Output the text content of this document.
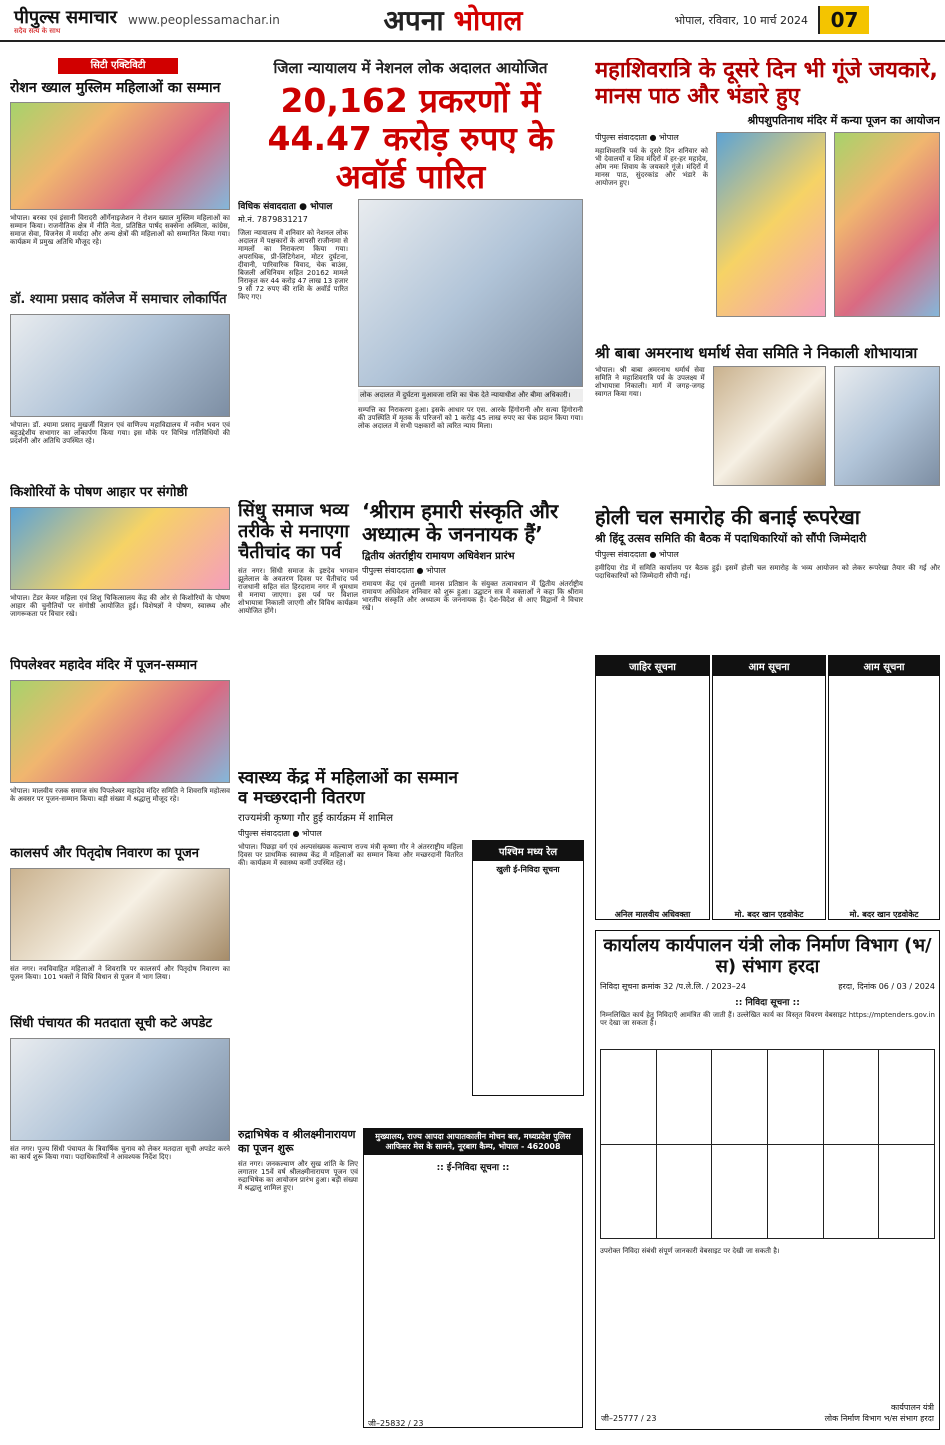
पीपुल्स समाचार
सदैव सत्य के साथ
www.peoplessamachar.in	अपना भोपाल	भोपाल, रविवार, 10 मार्च 2024	07
सिटी एक्टिविटी
रोशन ख्याल मुस्लिम महिलाओं का सम्मान
भोपाल। बरका एवं इंसानी विरादरी ऑर्गेनाइजेशन ने रोशन ख्याल मुस्लिम महिलाओं का सम्मान किया। राजनीतिक क्षेत्र में नीति नेता, प्रतिष्ठित पार्षद सक्सेना अस्मिता, कांग्रेस, समाज सेवा, विजनेस में मर्यादा और अन्य क्षेत्रों की महिलाओं को सम्मानित किया गया। कार्यक्रम में प्रमुख अतिथि मौजूद रहे।
डॉ. श्यामा प्रसाद कॉलेज में समाचार लोकार्पित
भोपाल। डॉ. श्यामा प्रसाद मुखर्जी विज्ञान एवं वाणिज्य महाविद्यालय में नवीन भवन एवं बहुउद्देशीय सभागार का लोकार्पण किया गया। इस मौके पर विभिन्न गतिविधियों की प्रदर्शनी और अतिथि उपस्थित रहे।
किशोरियों के पोषण आहार पर संगोष्ठी
भोपाल। टेंडर केयर महिला एवं शिशु चिकित्सालय केंद्र की ओर से किशोरियों के पोषण आहार की चुनौतियों पर संगोष्ठी आयोजित हुई। विशेषज्ञों ने पोषण, स्वास्थ्य और जागरूकता पर विचार रखे।
पिपलेश्वर महादेव मंदिर में पूजन-सम्मान
भोपाल। मालवीय रजक समाज संघ पिपलेश्वर महादेव मंदिर समिति ने शिवरात्रि महोत्सव के अवसर पर पूजन-सम्मान किया। बड़ी संख्या में श्रद्धालु मौजूद रहे।
कालसर्प और पितृदोष निवारण का पूजन
संत नगर। नवविवाहित महिलाओं ने शिवरात्रि पर कालसर्प और पितृदोष निवारण का पूजन किया। 101 भक्तों ने विधि विधान से पूजन में भाग लिया।
सिंधी पंचायत की मतदाता सूची कटे अपडेट
संत नगर। पूज्य सिंधी पंचायत के त्रिवार्षिक चुनाव को लेकर मतदाता सूची अपडेट करने का कार्य शुरू किया गया। पदाधिकारियों ने आवश्यक निर्देश दिए।
जिला न्यायालय में नेशनल लोक अदालत आयोजित
20,162 प्रकरणों में 44.47 करोड़ रुपए के अवॉर्ड पारित
विधिक संवाददाता ● भोपाल
मो.नं. 7879831217
जिला न्यायालय में शनिवार को नेशनल लोक अदालत में पक्षकारों के आपसी राजीनामा से मामलों का निराकरण किया गया। अपराधिक, प्री-लिटिगेशन, मोटर दुर्घटना, दीवानी, पारिवारिक विवाद, चेक बाउंस, बिजली अधिनियम सहित 20162 मामले निराकृत कर 44 करोड़ 47 लाख 13 हजार 9 सौ 72 रुपए की राशि के अवॉर्ड पारित किए गए।
लोक अदालत में दुर्घटना मुआवजा राशि का चेक देते न्यायाधीश और बीमा अधिकारी।
सम्पत्ति का निराकरण हुआ। इसके आधार पर एस. आरके हिंगोरानी और सत्या हिंगोरानी की उपस्थिति में मृतक के परिजनों को 1 करोड़ 45 लाख रुपए का चेक प्रदान किया गया। लोक अदालत में सभी पक्षकारों को त्वरित न्याय मिला।
सिंधु समाज भव्य तरीके से मनाएगा चैतीचांद का पर्व
संत नगर। सिंधी समाज के इष्टदेव भगवान झूलेलाल के अवतरण दिवस पर चैतीचांद पर्व राजधानी सहित संत हिरदाराम नगर में धूमधाम से मनाया जाएगा। इस पर्व पर विशाल शोभायात्रा निकाली जाएगी और विविध कार्यक्रम आयोजित होंगे।
‘श्रीराम हमारी संस्कृति और अध्यात्म के जननायक हैं’
द्वितीय अंतर्राष्ट्रीय रामायण अधिवेशन प्रारंभ
पीपुल्स संवाददाता ● भोपाल
रामायण केंद्र एवं तुलसी मानस प्रतिष्ठान के संयुक्त तत्वावधान में द्वितीय अंतर्राष्ट्रीय रामायण अधिवेशन शनिवार को शुरू हुआ। उद्घाटन सत्र में वक्ताओं ने कहा कि श्रीराम भारतीय संस्कृति और अध्यात्म के जननायक हैं। देश-विदेश से आए विद्वानों ने विचार रखे।
स्वास्थ्य केंद्र में महिलाओं का सम्मान व मच्छरदानी वितरण
राज्यमंत्री कृष्णा गौर हुई कार्यक्रम में शामिल
पीपुल्स संवाददाता ● भोपाल
भोपाल। पिछड़ा वर्ग एवं अल्पसंख्यक कल्याण राज्य मंत्री कृष्णा गौर ने अंतरराष्ट्रीय महिला दिवस पर प्राथमिक स्वास्थ्य केंद्र में महिलाओं का सम्मान किया और मच्छरदानी वितरित की। कार्यक्रम में स्वास्थ्य कर्मी उपस्थित रहे।
पश्चिम मध्य रेल
खुली ई-निविदा सूचना
रुद्राभिषेक व श्रीलक्ष्मीनारायण का पूजन शुरू
संत नगर। जनकल्याण और सुख शांति के लिए लगातार 15वें वर्ष श्रीलक्ष्मीनारायण पूजन एवं रुद्राभिषेक का आयोजन प्रारंभ हुआ। बड़ी संख्या में श्रद्धालु शामिल हुए।
मुख्यालय, राज्य आपदा आपातकालीन मोचन बल, मध्यप्रदेश पुलिस आफिसर मेस के सामने, नूरबाग कैम्प, भोपाल - 462008
:: ई-निविदा सूचना ::
जी–25832 / 23
महाशिवरात्रि के दूसरे दिन भी गूंजे जयकारे, मानस पाठ और भंडारे हुए
श्रीपशुपतिनाथ मंदिर में कन्या पूजन का आयोजन
पीपुल्स संवाददाता ● भोपाल
महाशिवरात्रि पर्व के दूसरे दिन शनिवार को भी देवालयों व शिव मंदिरों में हर-हर महादेव, ओम नमः शिवाय के जयकारे गूंजे। मंदिरों में मानस पाठ, सुंदरकांड और भंडारे के आयोजन हुए।
श्री बाबा अमरनाथ धर्मार्थ सेवा समिति ने निकाली शोभायात्रा
भोपाल। श्री बाबा अमरनाथ धर्मार्थ सेवा समिति ने महाशिवरात्रि पर्व के उपलक्ष्य में शोभायात्रा निकाली। मार्ग में जगह-जगह स्वागत किया गया।
होली चल समारोह की बनाई रूपरेखा
श्री हिंदू उत्सव समिति की बैठक में पदाधिकारियों को सौंपी जिम्मेदारी
पीपुल्स संवाददाता ● भोपाल
हमीदिया रोड में समिति कार्यालय पर बैठक हुई। इसमें होली चल समारोह के भव्य आयोजन को लेकर रूपरेखा तैयार की गई और पदाधिकारियों को जिम्मेदारी सौंपी गई।
जाहिर सूचना
अनिल मालवीय अधिवक्ता
आम सूचना
मो. बदर खान एडवोकेट
आम सूचना
मो. बदर खान एडवोकेट
कार्यालय कार्यपालन यंत्री लोक निर्माण विभाग (भ/स) संभाग हरदा
निविदा सूचना क्रमांक 32 /प.ले.लि. / 2023–24	हरदा, दिनांक 06 / 03 / 2024
:: निविदा सूचना ::
निम्नलिखित कार्य हेतु निविदाएँ आमंत्रित की जाती हैं। उल्लेखित कार्य का विस्तृत विवरण वेबसाइट https://mptenders.gov.in पर देखा जा सकता है।

उपरोक्त निविदा संबंधी संपूर्ण जानकारी वेबसाइट पर देखी जा सकती है।
जी–25777 / 23
कार्यपालन यंत्री
लोक निर्माण विभाग भ/स संभाग हरदा
